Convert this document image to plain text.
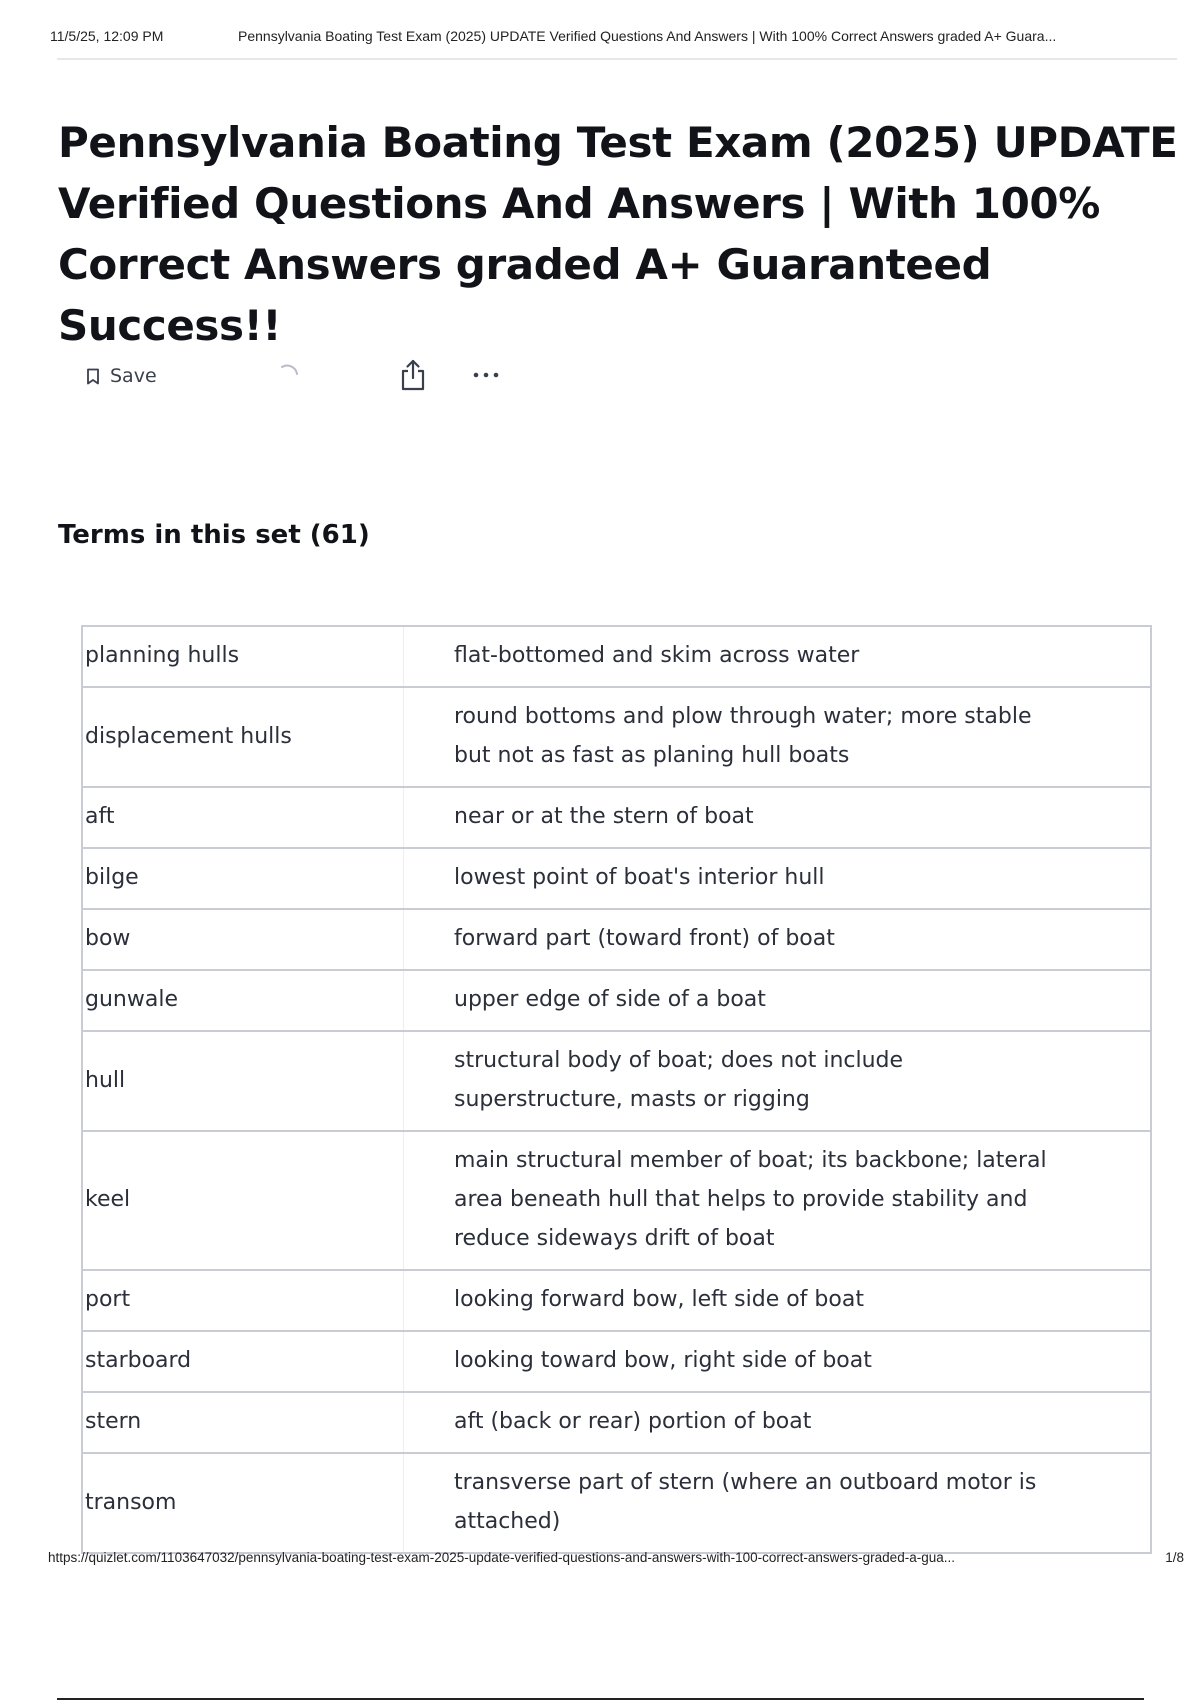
11/5/25, 12:09 PM	Pennsylvania Boating Test Exam (2025) UPDATE Verified Questions And Answers | With 100% Correct Answers graded A+ Guara...
Pennsylvania Boating Test Exam (2025) UPDATE Verified Questions And Answers | With 100% Correct Answers graded A+ Guaranteed Success!!
Save
Terms in this set (61)
planning hulls	flat-bottomed and skim across water
displacement hulls	round bottoms and plow through water; more stable but not as fast as planing hull boats
aft	near or at the stern of boat
bilge	lowest point of boat's interior hull
bow	forward part (toward front) of boat
gunwale	upper edge of side of a boat
hull	structural body of boat; does not include superstructure, masts or rigging
keel	main structural member of boat; its backbone; lateral area beneath hull that helps to provide stability and reduce sideways drift of boat
port	looking forward bow, left side of boat
starboard	looking toward bow, right side of boat
stern	aft (back or rear) portion of boat
transom	transverse part of stern (where an outboard motor is attached)
https://quizlet.com/1103647032/pennsylvania-boating-test-exam-2025-update-verified-questions-and-answers-with-100-correct-answers-graded-a-gua...	1/8
